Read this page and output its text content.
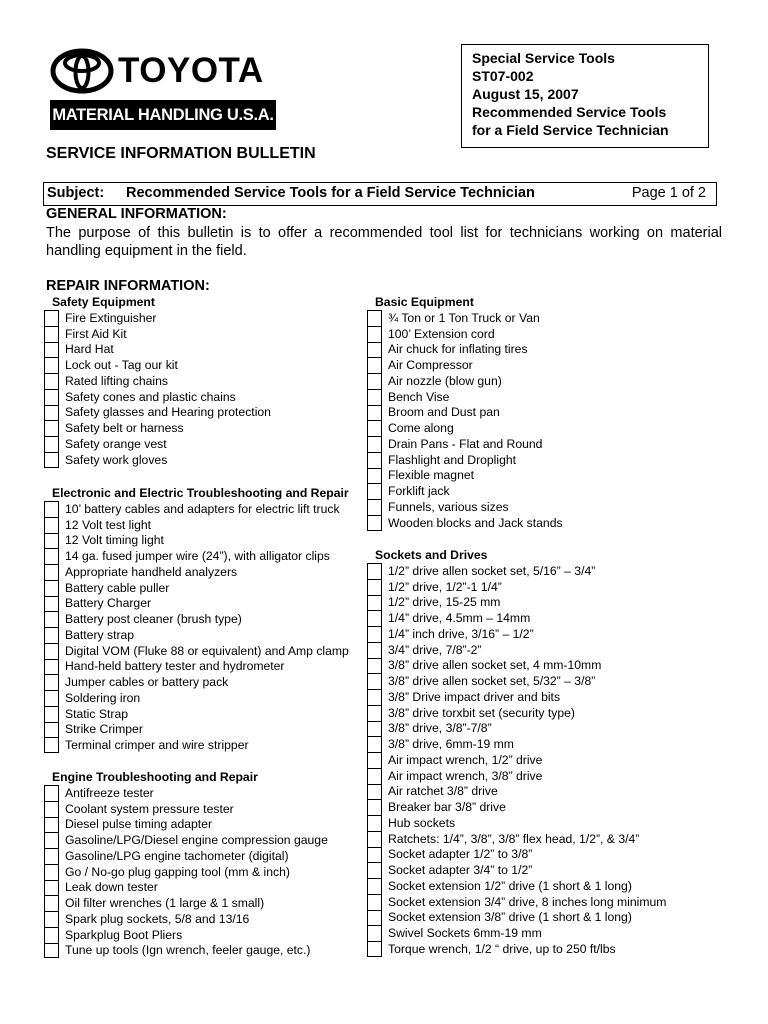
TOYOTA
MATERIAL HANDLING U.S.A.
Special Service Tools
ST07-002
August 15, 2007
Recommended Service Tools
for a Field Service Technician
SERVICE INFORMATION BULLETIN
Subject: Recommended Service Tools for a Field Service Technician	Page 1 of 2
GENERAL INFORMATION:
The purpose of this bulletin is to offer a recommended tool list for technicians working on material handling equipment in the field.
REPAIR INFORMATION:
Safety Equipment
Fire Extinguisher
First Aid Kit
Hard Hat
Lock out - Tag our kit
Rated lifting chains
Safety cones and plastic chains
Safety glasses and Hearing protection
Safety belt or harness
Safety orange vest
Safety work gloves
Electronic and Electric Troubleshooting and Repair
10’ battery cables and adapters for electric lift truck
12 Volt test light
12 Volt timing light
14 ga. fused jumper wire (24”), with alligator clips
Appropriate handheld analyzers
Battery cable puller
Battery Charger
Battery post cleaner (brush type)
Battery strap
Digital VOM (Fluke 88 or equivalent) and Amp clamp
Hand-held battery tester and hydrometer
Jumper cables or battery pack
Soldering iron
Static Strap
Strike Crimper
Terminal crimper and wire stripper
Engine Troubleshooting and Repair
Antifreeze tester
Coolant system pressure tester
Diesel pulse timing adapter
Gasoline/LPG/Diesel engine compression gauge
Gasoline/LPG engine tachometer (digital)
Go / No-go plug gapping tool (mm & inch)
Leak down tester
Oil filter wrenches (1 large & 1 small)
Spark plug sockets, 5/8 and 13/16
Sparkplug Boot Pliers
Tune up tools (Ign wrench, feeler gauge, etc.)
Basic Equipment
¾ Ton or 1 Ton Truck or Van
100’ Extension cord
Air chuck for inflating tires
Air Compressor
Air nozzle (blow gun)
Bench Vise
Broom and Dust pan
Come along
Drain Pans - Flat and Round
Flashlight and Droplight
Flexible magnet
Forklift jack
Funnels, various sizes
Wooden blocks and Jack stands
Sockets and Drives
1/2” drive allen socket set, 5/16” – 3/4”
1/2” drive, 1/2”-1 1/4”
1/2” drive, 15-25 mm
1/4” drive, 4.5mm – 14mm
1/4” inch drive, 3/16” – 1/2”
3/4” drive, 7/8”-2”
3/8” drive allen socket set, 4 mm-10mm
3/8” drive allen socket set, 5/32” – 3/8”
3/8” Drive impact driver and bits
3/8” drive torxbit set (security type)
3/8” drive, 3/8”-7/8”
3/8” drive, 6mm-19 mm
Air impact wrench, 1/2” drive
Air impact wrench, 3/8” drive
Air ratchet 3/8” drive
Breaker bar 3/8” drive
Hub sockets
Ratchets: 1/4”, 3/8”, 3/8” flex head, 1/2”, & 3/4”
Socket adapter 1/2” to 3/8”
Socket adapter 3/4” to 1/2”
Socket extension 1/2” drive (1 short & 1 long)
Socket extension 3/4” drive, 8 inches long minimum
Socket extension 3/8” drive (1 short & 1 long)
Swivel Sockets 6mm-19 mm
Torque wrench, 1/2 “ drive, up to 250 ft/lbs
